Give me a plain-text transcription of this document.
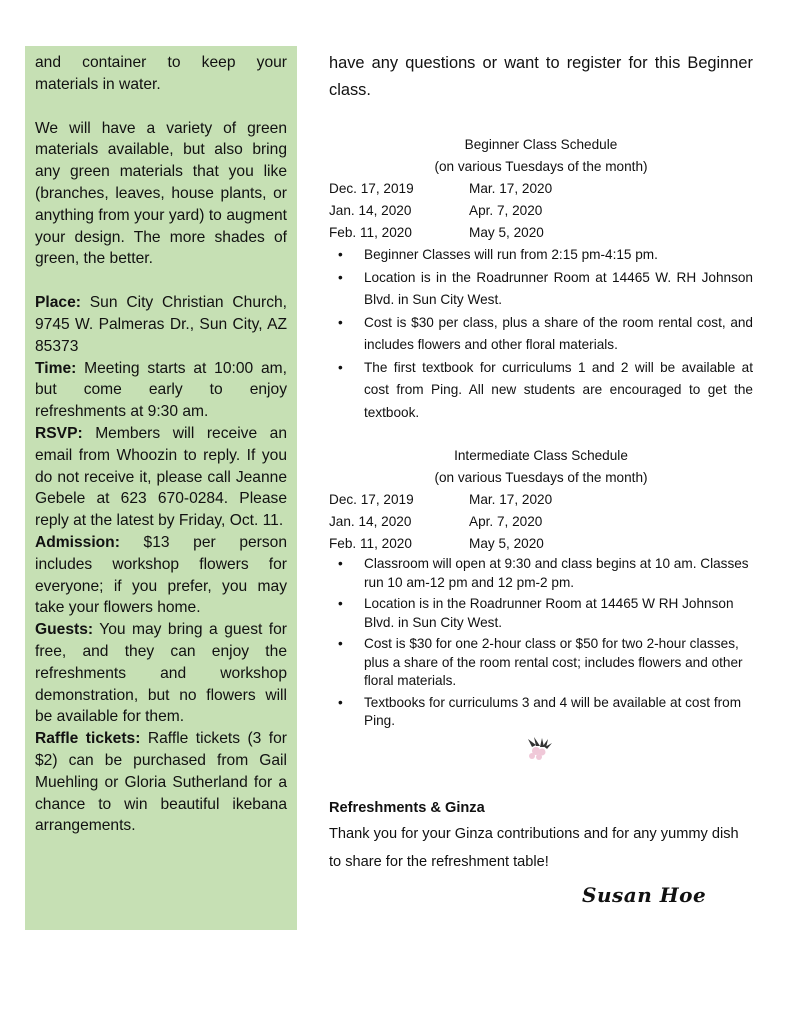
and container to keep your materials in water.

We will have a variety of green materials available, but also bring any green materials that you like (branches, leaves, house plants, or anything from your yard) to augment your design. The more shades of green, the better.

Place: Sun City Christian Church, 9745 W. Palmeras Dr., Sun City, AZ 85373

Time: Meeting starts at 10:00 am, but come early to enjoy refreshments at 9:30 am.

RSVP: Members will receive an email from Whoozin to reply. If you do not receive it, please call Jeanne Gebele at 623 670-0284. Please reply at the latest by Friday, Oct. 11.

Admission: $13 per person includes workshop flowers for everyone; if you prefer, you may take your flowers home.

Guests: You may bring a guest for free, and they can enjoy the refreshments and workshop demonstration, but no flowers will be available for them.

Raffle tickets: Raffle tickets (3 for $2) can be purchased from Gail Muehling or Gloria Sutherland for a chance to win beautiful ikebana arrangements.

have any questions or want to register for this Beginner class.

Beginner Class Schedule

(on various Tuesdays of the month)

Dec. 17, 2019	Mar. 17, 2020
Jan. 14, 2020	Apr. 7, 2020
Feb. 11, 2020	May 5, 2020
• Beginner Classes will run from 2:15 pm-4:15 pm.
• Location is in the Roadrunner Room at 14465 W. RH Johnson Blvd. in Sun City West.
• Cost is $30 per class, plus a share of the room rental cost, and includes flowers and other floral materials.
• The first textbook for curriculums 1 and 2 will be available at cost from Ping. All new students are encouraged to get the textbook.

Intermediate Class Schedule

(on various Tuesdays of the month)

Dec. 17, 2019	Mar. 17, 2020
Jan. 14, 2020	Apr. 7, 2020
Feb. 11, 2020	May 5, 2020
• Classroom will open at 9:30 and class begins at 10 am. Classes run 10 am-12 pm and 12 pm-2 pm.
• Location is in the Roadrunner Room at 14465 W RH Johnson Blvd. in Sun City West.
• Cost is $30 for one 2-hour class or $50 for two 2-hour classes, plus a share of the room rental cost; includes flowers and other floral materials.
• Textbooks for curriculums 3 and 4 will be available at cost from Ping.

Refreshments & Ginza

Thank you for your Ginza contributions and for any yummy dish to share for the refreshment table!

Susan Hoe
